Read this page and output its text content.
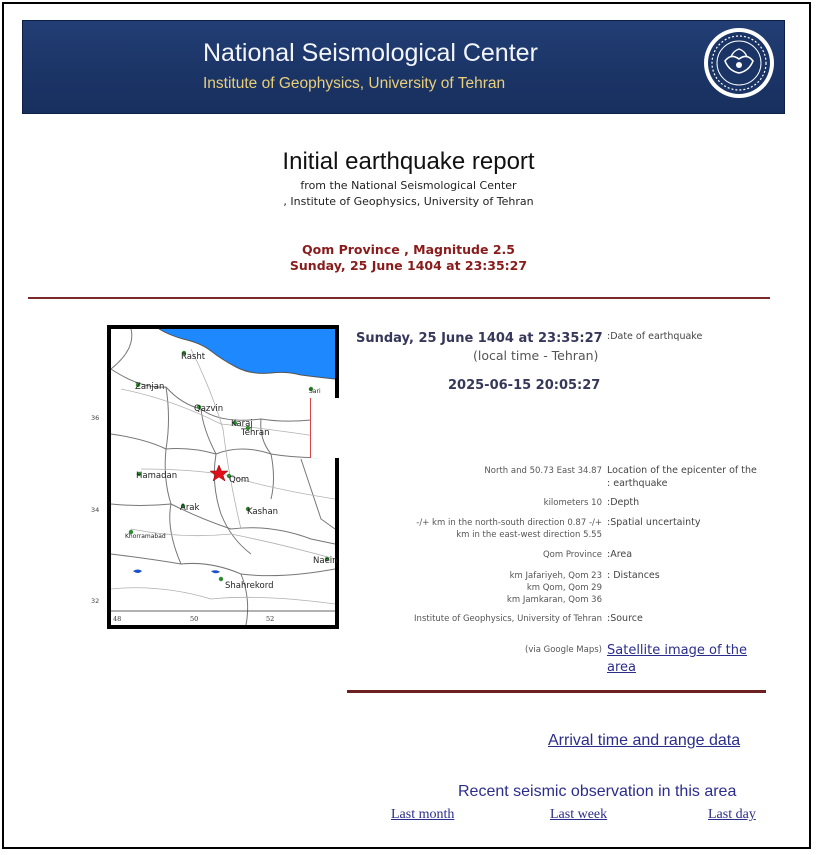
National Seismological Center
Institute of Geophysics, University of Tehran
Initial earthquake report
from the National Seismological Center
, Institute of Geophysics, University of Tehran
Qom Province , Magnitude 2.5
Sunday, 25 June 1404 at 23:35:27
Rasht
Zanjan
Qazvin
Karaj
Tehran
Hamadan	Qom
Arak	Kashan
Khorramabad
Naein
Shahrekord
Sari
48	50	52
36
34
32
Sunday, 25 June 1404 at 23:35:27 :Date of earthquake
(local time - Tehran)
2025-06-15 20:05:27
North and 50.73 East 34.87 Location of the epicenter of the
: earthquake
kilometers 10 :Depth
-/+ km in the north-south direction 0.87 -/+
km in the east-west direction 5.55
:Spatial uncertainty
Qom Province :Area
km Jafariyeh, Qom 23
km Qom, Qom 29
km Jamkaran, Qom 36
: Distances
Institute of Geophysics, University of Tehran :Source
(via Google Maps) Satellite image of the
area
Arrival time and range data
Recent seismic observation in this area
Last month	Last week	Last day
